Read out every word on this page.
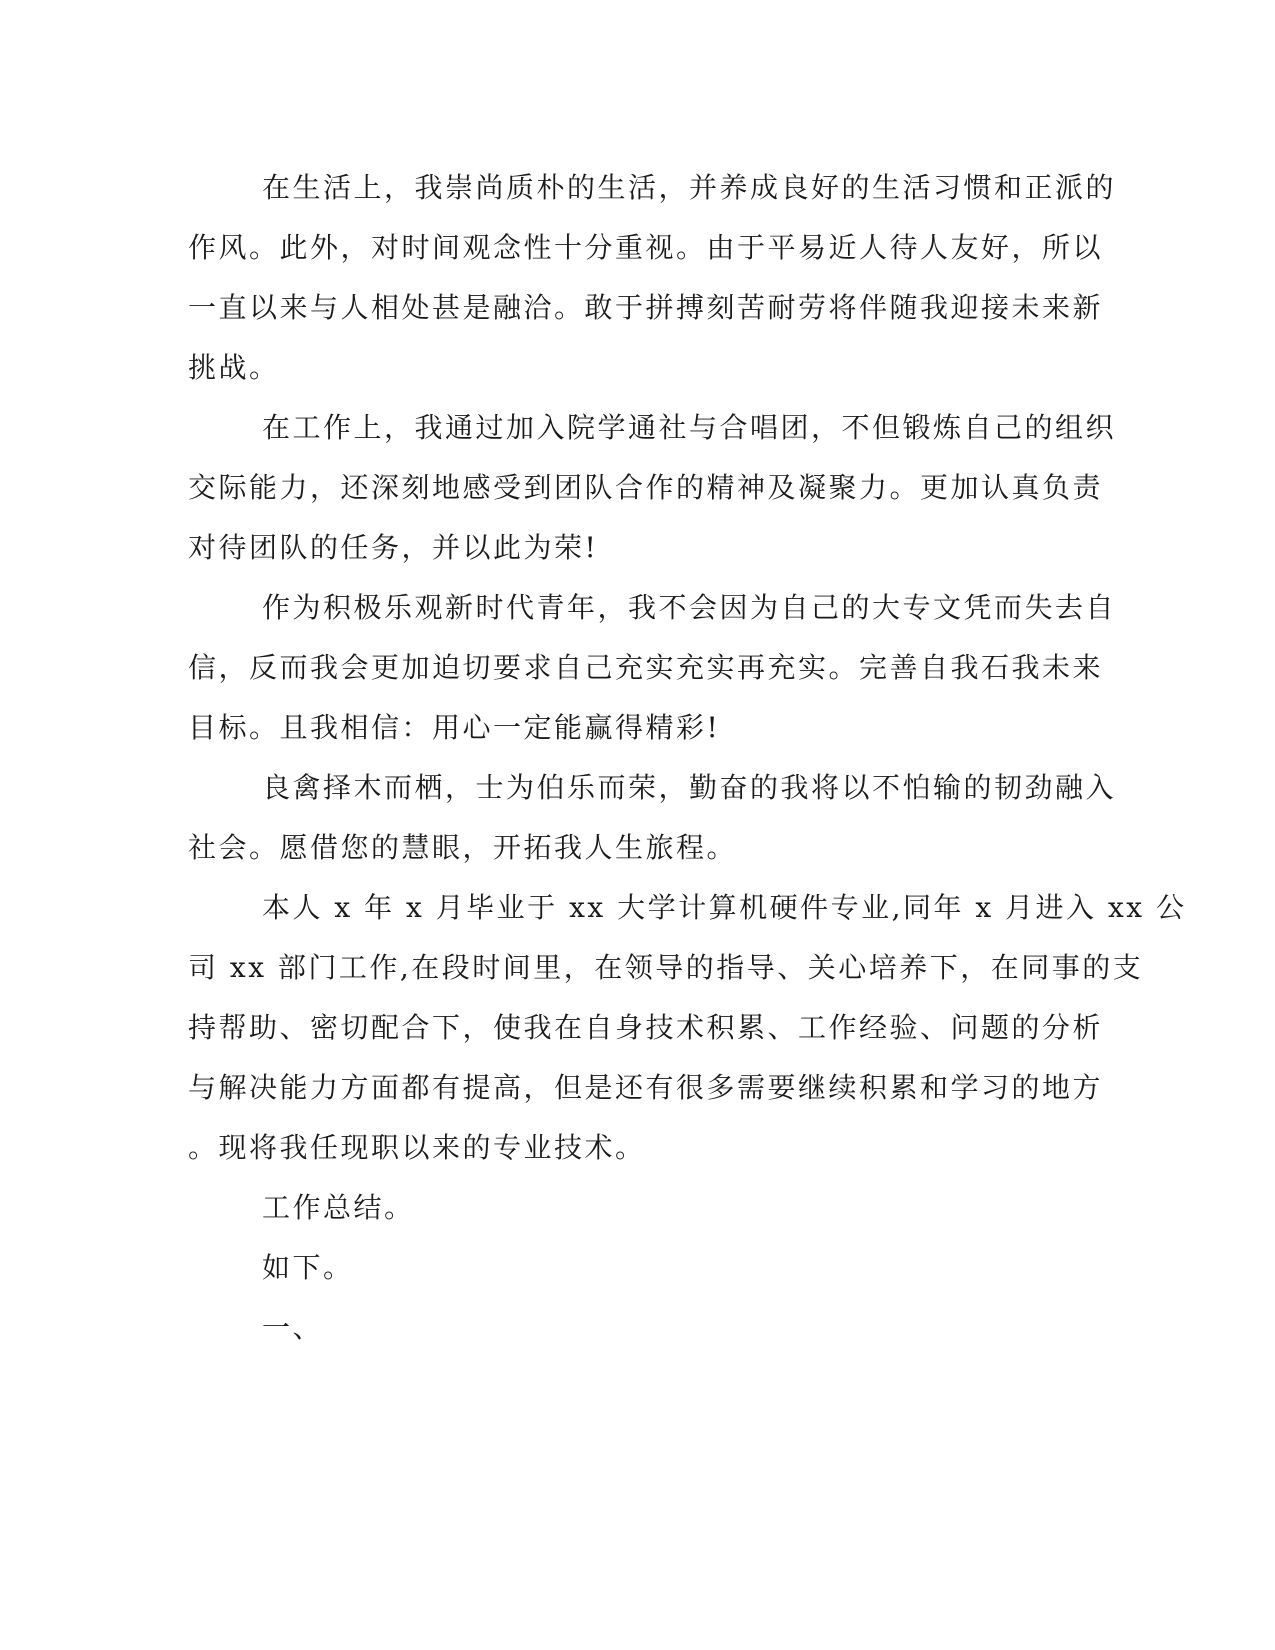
在生活上，我崇尚质朴的生活，并养成良好的生活习惯和正派的
作风。此外，对时间观念性十分重视。由于平易近人待人友好，所以
一直以来与人相处甚是融洽。敢于拼搏刻苦耐劳将伴随我迎接未来新
挑战。
在工作上，我通过加入院学通社与合唱团，不但锻炼自己的组织
交际能力，还深刻地感受到团队合作的精神及凝聚力。更加认真负责
对待团队的任务，并以此为荣!
作为积极乐观新时代青年，我不会因为自己的大专文凭而失去自
信，反而我会更加迫切要求自己充实充实再充实。完善自我石我未来
目标。且我相信：用心一定能赢得精彩!
良禽择木而栖，士为伯乐而荣，勤奋的我将以不怕输的韧劲融入
社会。愿借您的慧眼，开拓我人生旅程。
本人 x 年 x 月毕业于 xx 大学计算机硬件专业,同年 x 月进入 xx 公
司 xx 部门工作,在段时间里，在领导的指导、关心培养下，在同事的支
持帮助、密切配合下，使我在自身技术积累、工作经验、问题的分析
与解决能力方面都有提高，但是还有很多需要继续积累和学习的地方
。现将我任现职以来的专业技术。
工作总结。
如下。
一、
